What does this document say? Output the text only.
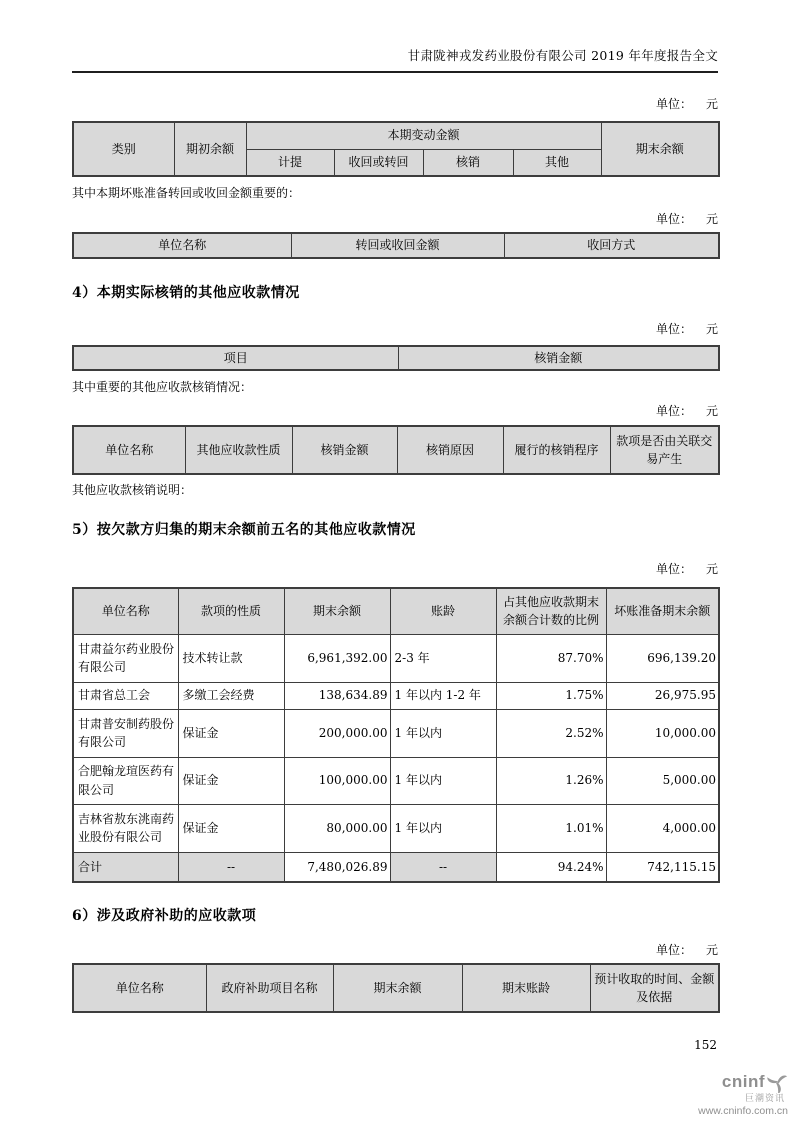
甘肃陇神戎发药业股份有限公司 2019 年年度报告全文
单位： 元
类别	期初余额	本期变动金额				期末余额
		计提	收回或转回	核销	其他	
其中本期坏账准备转回或收回金额重要的：
单位： 元
单位名称	转回或收回金额	收回方式
4）本期实际核销的其他应收款情况
单位： 元
项目	核销金额
其中重要的其他应收款核销情况：
单位： 元
单位名称	其他应收款性质	核销金额	核销原因	履行的核销程序	款项是否由关联交易产生
其他应收款核销说明：
5）按欠款方归集的期末余额前五名的其他应收款情况
单位： 元
单位名称	款项的性质	期末余额	账龄	占其他应收款期末余额合计数的比例	坏账准备期末余额
甘肃益尔药业股份有限公司	技术转让款	6,961,392.00	2-3 年	87.70%	696,139.20
甘肃省总工会	多缴工会经费	138,634.89	1 年以内 1-2 年	1.75%	26,975.95
甘肃普安制药股份有限公司	保证金	200,000.00	1 年以内	2.52%	10,000.00
合肥翰龙瑄医药有限公司	保证金	100,000.00	1 年以内	1.26%	5,000.00
吉林省敖东洮南药业股份有限公司	保证金	80,000.00	1 年以内	1.01%	4,000.00
合计	--	7,480,026.89	--	94.24%	742,115.15
6）涉及政府补助的应收款项
单位： 元
单位名称	政府补助项目名称	期末余额	期末账龄	预计收取的时间、金额及依据
152
cninf
巨潮资讯
www.cninfo.com.cn
